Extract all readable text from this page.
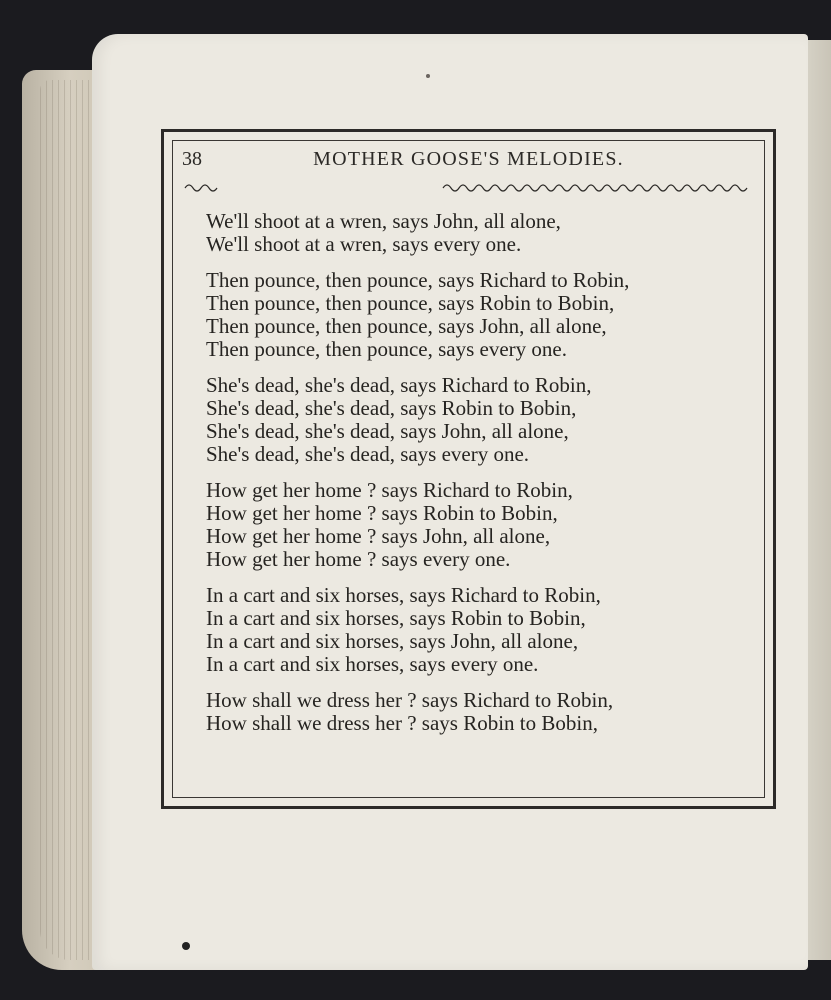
38	MOTHER GOOSE'S MELODIES.
We'll shoot at a wren, says John, all alone,
We'll shoot at a wren, says every one.
Then pounce, then pounce, says Richard to Robin,
Then pounce, then pounce, says Robin to Bobin,
Then pounce, then pounce, says John, all alone,
Then pounce, then pounce, says every one.
She's dead, she's dead, says Richard to Robin,
She's dead, she's dead, says Robin to Bobin,
She's dead, she's dead, says John, all alone,
She's dead, she's dead, says every one.
How get her home ? says Richard to Robin,
How get her home ? says Robin to Bobin,
How get her home ? says John, all alone,
How get her home ? says every one.
In a cart and six horses, says Richard to Robin,
In a cart and six horses, says Robin to Bobin,
In a cart and six horses, says John, all alone,
In a cart and six horses, says every one.
How shall we dress her ? says Richard to Robin,
How shall we dress her ? says Robin to Bobin,
